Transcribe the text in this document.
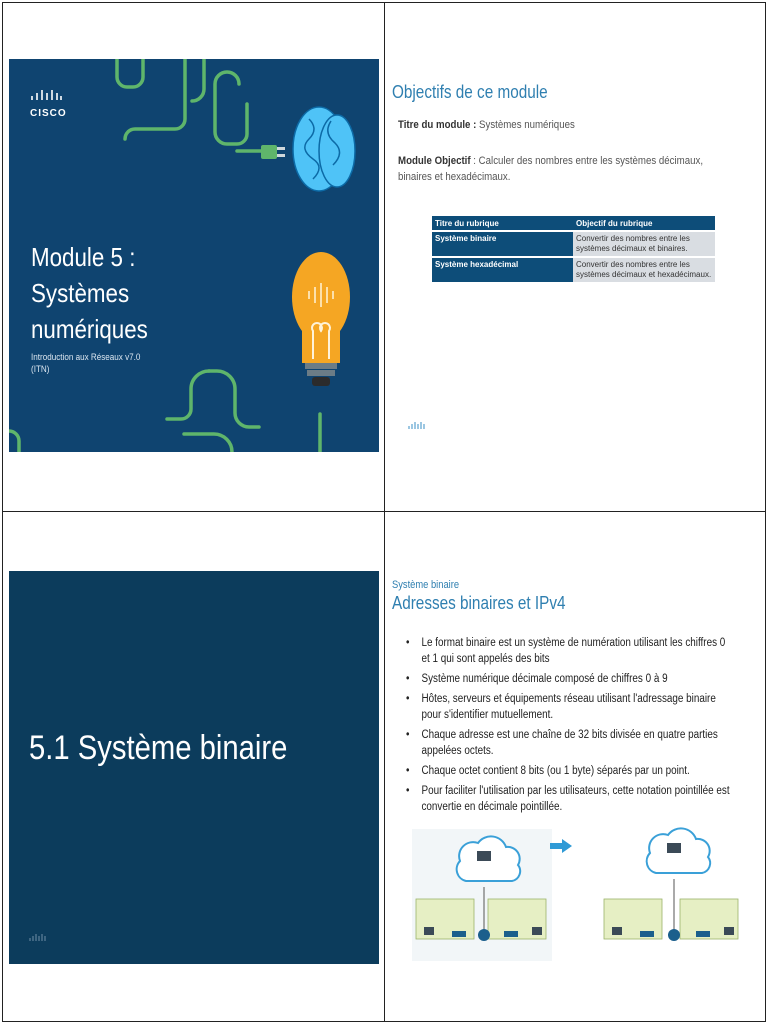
CISCO
Module 5 : Systèmes
numériques
Introduction aux Réseaux v7.0
(ITN)
Objectifs de ce module
Titre du module : Systèmes numériques
Module Objectif : Calculer des nombres entre les systèmes décimaux, binaires et hexadécimaux.
Titre du rubrique	Objectif du rubrique
Système binaire	Convertir des nombres entre les systèmes décimaux et binaires.
Système hexadécimal	Convertir des nombres entre les systèmes décimaux et hexadécimaux.
5.1 Système binaire
Système binaire
Adresses binaires et IPv4
• Le format binaire est un système de numération utilisant les chiffres 0 et 1 qui sont appelés des bits
• Système numérique décimale composé de chiffres 0 à 9
• Hôtes, serveurs et équipements réseau utilisant l'adressage binaire pour s'identifier mutuellement.
• Chaque adresse est une chaîne de 32 bits divisée en quatre parties appelées octets.
• Chaque octet contient 8 bits (ou 1 byte) séparés par un point.
• Pour faciliter l'utilisation par les utilisateurs, cette notation pointillée est convertie en décimale pointillée.
